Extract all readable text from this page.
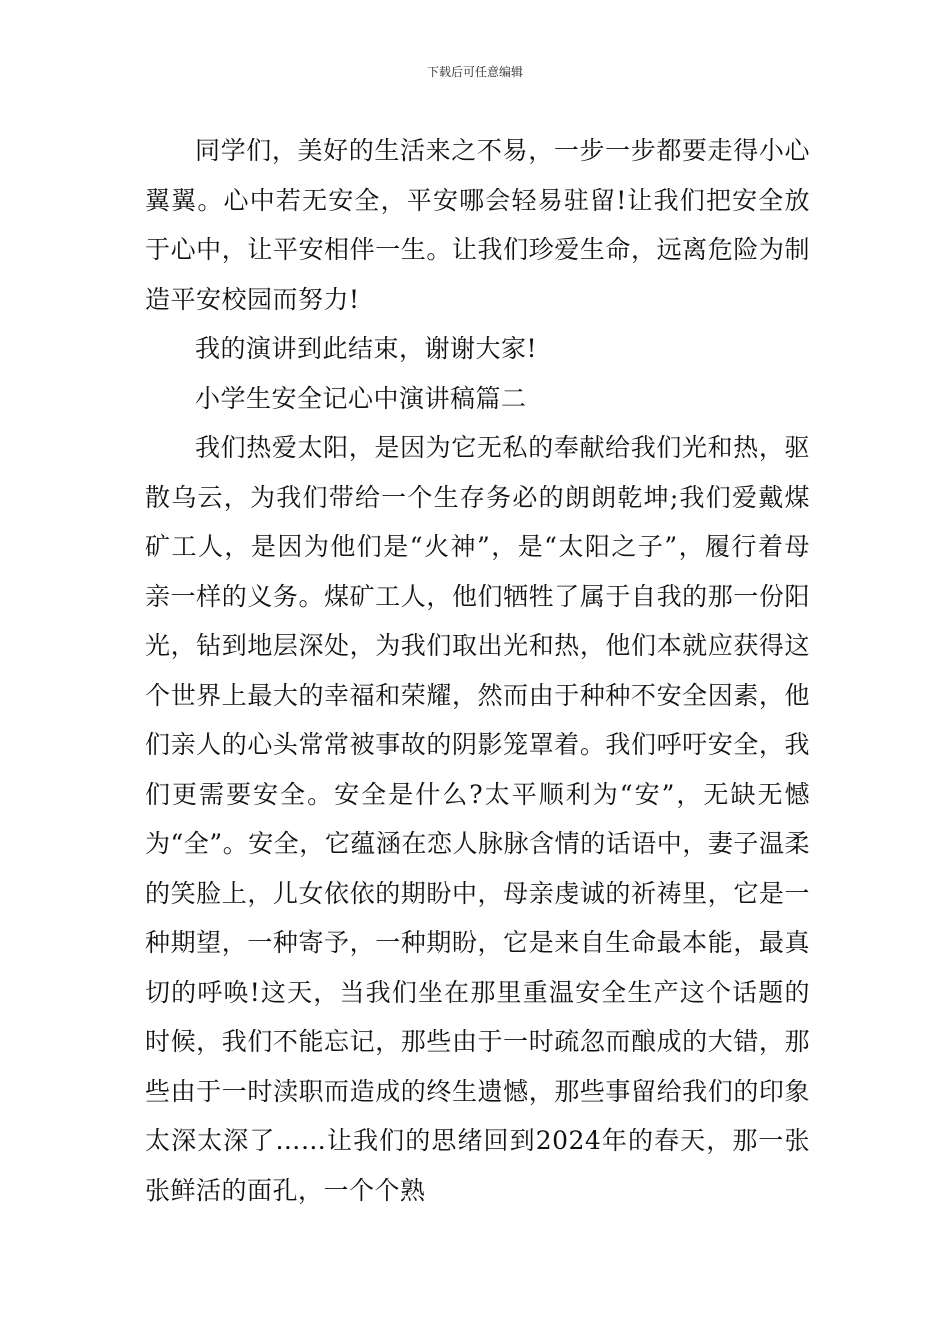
下载后可任意编辑

同学们，美好的生活来之不易，一步一步都要走得小心翼翼。心中若无安全，平安哪会轻易驻留!让我们把安全放于心中，让平安相伴一生。让我们珍爱生命，远离危险为制造平安校园而努力!

我的演讲到此结束，谢谢大家!

小学生安全记心中演讲稿篇二

我们热爱太阳，是因为它无私的奉献给我们光和热，驱散乌云，为我们带给一个生存务必的朗朗乾坤;我们爱戴煤矿工人，是因为他们是“火神”，是“太阳之子”，履行着母亲一样的义务。煤矿工人，他们牺牲了属于自我的那一份阳光，钻到地层深处，为我们取出光和热，他们本就应获得这个世界上最大的幸福和荣耀，然而由于种种不安全因素，他们亲人的心头常常被事故的阴影笼罩着。我们呼吁安全，我们更需要安全。安全是什么?太平顺利为“安”，无缺无憾为“全”。安全，它蕴涵在恋人脉脉含情的话语中，妻子温柔的笑脸上，儿女依依的期盼中，母亲虔诚的祈祷里，它是一种期望，一种寄予，一种期盼，它是来自生命最本能，最真切的呼唤!这天，当我们坐在那里重温安全生产这个话题的时候，我们不能忘记，那些由于一时疏忽而酿成的大错，那些由于一时渎职而造成的终生遗憾，那些事留给我们的印象太深太深了……让我们的思绪回到2024年的春天，那一张张鲜活的面孔，一个个熟
